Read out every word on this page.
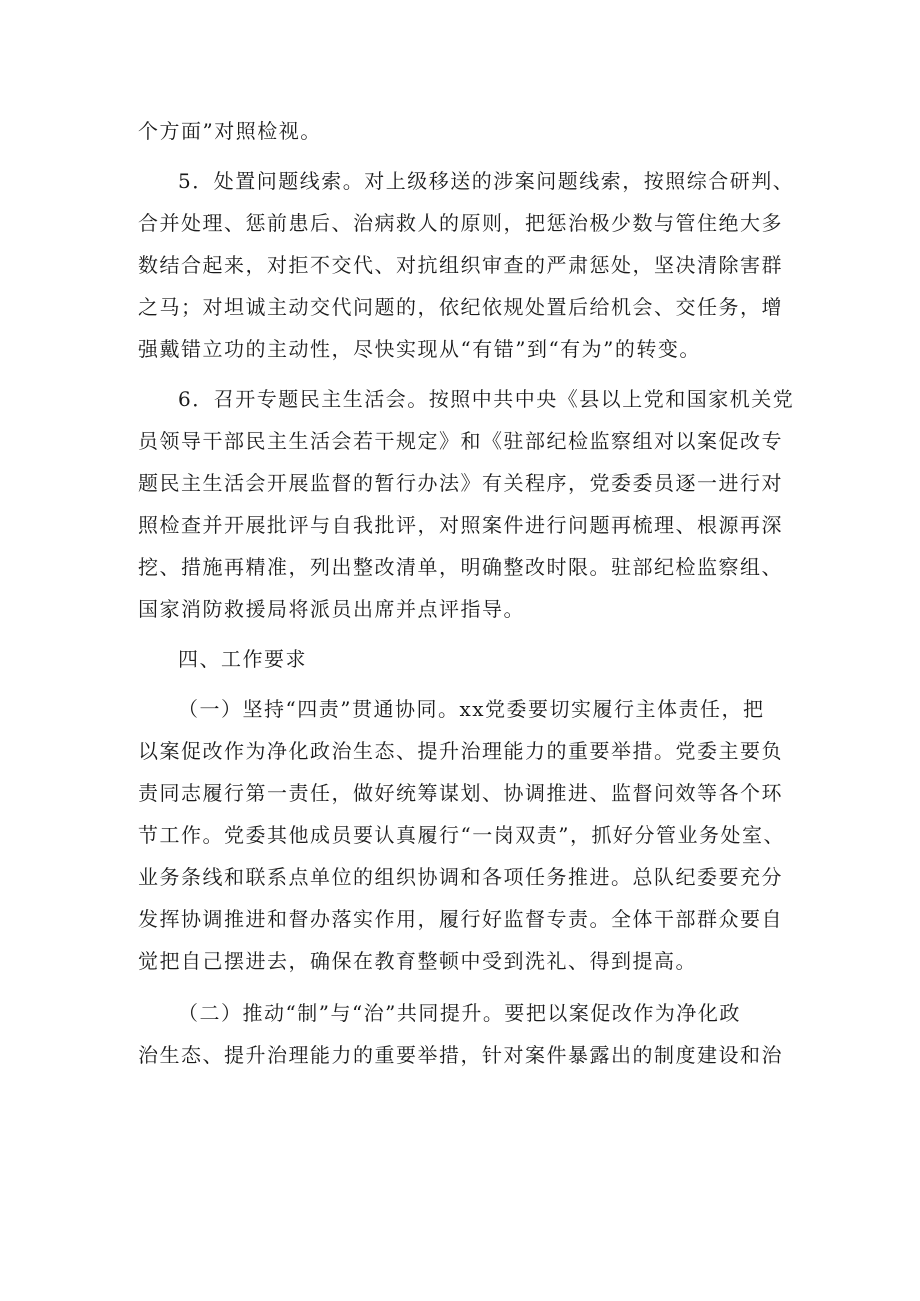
个方面”对照检视。
5．处置问题线索。对上级移送的涉案问题线索，按照综合研判、
合并处理、惩前患后、治病救人的原则，把惩治极少数与管住绝大多
数结合起来，对拒不交代、对抗组织审查的严肃惩处，坚决清除害群
之马；对坦诚主动交代问题的，依纪依规处置后给机会、交任务，增
强戴错立功的主动性，尽快实现从“有错”到“有为”的转变。
6．召开专题民主生活会。按照中共中央《县以上党和国家机关党
员领导干部民主生活会若干规定》和《驻部纪检监察组对以案促改专
题民主生活会开展监督的暂行办法》有关程序，党委委员逐一进行对
照检查并开展批评与自我批评，对照案件进行问题再梳理、根源再深
挖、措施再精准，列出整改清单，明确整改时限。驻部纪检监察组、
国家消防救援局将派员出席并点评指导。
四、工作要求
（一）坚持“四责”贯通协同。xx党委要切实履行主体责任，把
以案促改作为净化政治生态、提升治理能力的重要举措。党委主要负
责同志履行第一责任，做好统筹谋划、协调推进、监督问效等各个环
节工作。党委其他成员要认真履行“一岗双责”，抓好分管业务处室、
业务条线和联系点单位的组织协调和各项任务推进。总队纪委要充分
发挥协调推进和督办落实作用，履行好监督专责。全体干部群众要自
觉把自己摆进去，确保在教育整顿中受到洗礼、得到提高。
（二）推动“制”与“治”共同提升。要把以案促改作为净化政
治生态、提升治理能力的重要举措，针对案件暴露出的制度建设和治
